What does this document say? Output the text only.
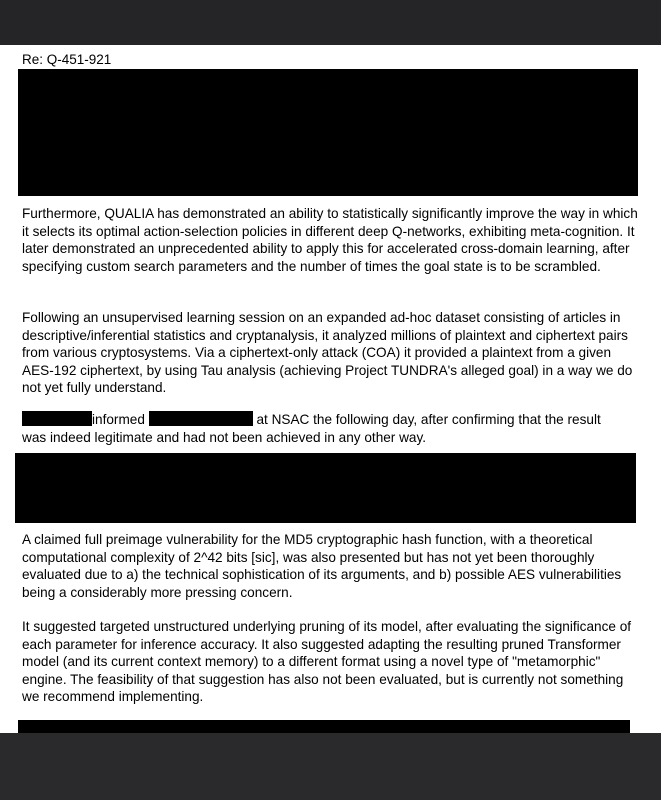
Re: Q-451-921

Furthermore, QUALIA has demonstrated an ability to statistically significantly improve the way in which it selects its optimal action-selection policies in different deep Q-networks, exhibiting meta-cognition. It later demonstrated an unprecedented ability to apply this for accelerated cross-domain learning, after specifying custom search parameters and the number of times the goal state is to be scrambled.

Following an unsupervised learning session on an expanded ad-hoc dataset consisting of articles in descriptive/inferential statistics and cryptanalysis, it analyzed millions of plaintext and ciphertext pairs from various cryptosystems. Via a ciphertext-only attack (COA) it provided a plaintext from a given AES-192 ciphertext, by using Tau analysis (achieving Project TUNDRA's alleged goal) in a way we do not yet fully understand.

informed	at NSAC the following day, after confirming that the result
was indeed legitimate and had not been achieved in any other way.

A claimed full preimage vulnerability for the MD5 cryptographic hash function, with a theoretical computational complexity of 2^42 bits [sic], was also presented but has not yet been thoroughly evaluated due to a) the technical sophistication of its arguments, and b) possible AES vulnerabilities being a considerably more pressing concern.

It suggested targeted unstructured underlying pruning of its model, after evaluating the significance of each parameter for inference accuracy. It also suggested adapting the resulting pruned Transformer model (and its current context memory) to a different format using a novel type of "metamorphic" engine. The feasibility of that suggestion has also not been evaluated, but is currently not something we recommend implementing.
